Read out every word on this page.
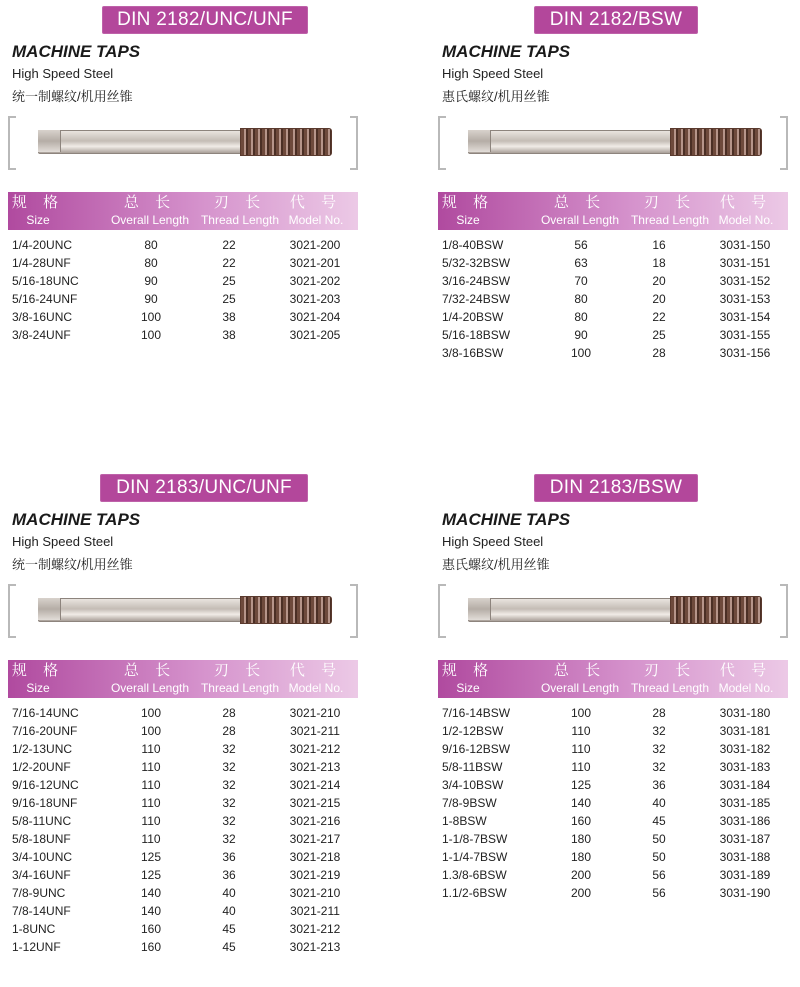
DIN 2182/UNC/UNF
MACHINE TAPS
High Speed Steel
统一制螺纹/机用丝锥
规 格
Size
总 长
Overall Length
刃 长
Thread Length
代 号
Model No.
1/4-20UNC	80	22	3021-200
1/4-28UNF	80	22	3021-201
5/16-18UNC	90	25	3021-202
5/16-24UNF	90	25	3021-203
3/8-16UNC	100	38	3021-204
3/8-24UNF	100	38	3021-205
DIN 2182/BSW
MACHINE TAPS
High Speed Steel
惠氏螺纹/机用丝锥
规 格
Size
总 长
Overall Length
刃 长
Thread Length
代 号
Model No.
1/8-40BSW	56	16	3031-150
5/32-32BSW	63	18	3031-151
3/16-24BSW	70	20	3031-152
7/32-24BSW	80	20	3031-153
1/4-20BSW	80	22	3031-154
5/16-18BSW	90	25	3031-155
3/8-16BSW	100	28	3031-156
DIN 2183/UNC/UNF
MACHINE TAPS
High Speed Steel
统一制螺纹/机用丝锥
规 格
Size
总 长
Overall Length
刃 长
Thread Length
代 号
Model No.
7/16-14UNC	100	28	3021-210
7/16-20UNF	100	28	3021-211
1/2-13UNC	110	32	3021-212
1/2-20UNF	110	32	3021-213
9/16-12UNC	110	32	3021-214
9/16-18UNF	110	32	3021-215
5/8-11UNC	110	32	3021-216
5/8-18UNF	110	32	3021-217
3/4-10UNC	125	36	3021-218
3/4-16UNF	125	36	3021-219
7/8-9UNC	140	40	3021-210
7/8-14UNF	140	40	3021-211
1-8UNC	160	45	3021-212
1-12UNF	160	45	3021-213
DIN 2183/BSW
MACHINE TAPS
High Speed Steel
惠氏螺纹/机用丝锥
规 格
Size
总 长
Overall Length
刃 长
Thread Length
代 号
Model No.
7/16-14BSW	100	28	3031-180
1/2-12BSW	110	32	3031-181
9/16-12BSW	110	32	3031-182
5/8-11BSW	110	32	3031-183
3/4-10BSW	125	36	3031-184
7/8-9BSW	140	40	3031-185
1-8BSW	160	45	3031-186
1-1/8-7BSW	180	50	3031-187
1-1/4-7BSW	180	50	3031-188
1.3/8-6BSW	200	56	3031-189
1.1/2-6BSW	200	56	3031-190
